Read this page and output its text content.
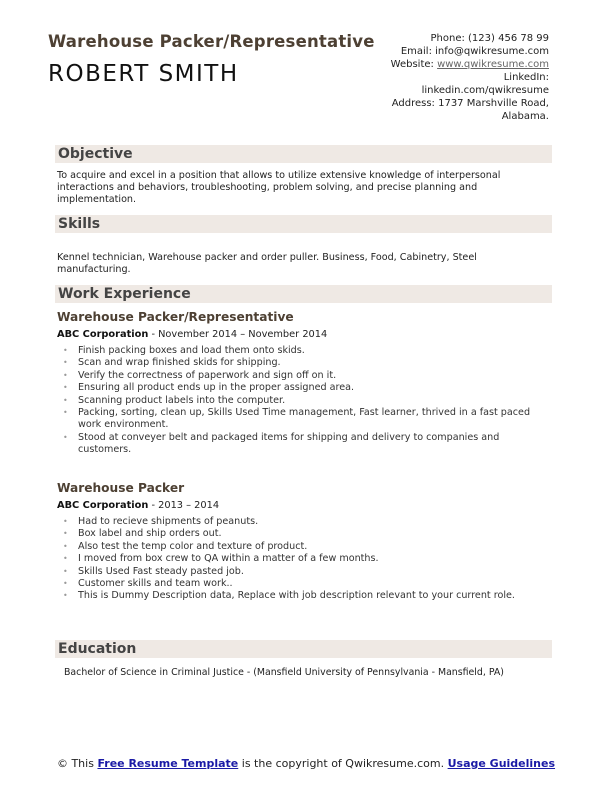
Warehouse Packer/Representative
ROBERT SMITH
Phone: (123) 456 78 99
Email: info@qwikresume.com
Website: www.qwikresume.com
LinkedIn:
linkedin.com/qwikresume
Address: 1737 Marshville Road, Alabama.
Objective
To acquire and excel in a position that allows to utilize extensive knowledge of interpersonal interactions and behaviors, troubleshooting, problem solving, and precise planning and implementation.
Skills
Kennel technician, Warehouse packer and order puller. Business, Food, Cabinetry, Steel manufacturing.
Work Experience
Warehouse Packer/Representative
ABC Corporation - November 2014 – November 2014
• Finish packing boxes and load them onto skids.
• Scan and wrap finished skids for shipping.
• Verify the correctness of paperwork and sign off on it.
• Ensuring all product ends up in the proper assigned area.
• Scanning product labels into the computer.
• Packing, sorting, clean up, Skills Used Time management, Fast learner, thrived in a fast paced work environment.
• Stood at conveyer belt and packaged items for shipping and delivery to companies and customers.
Warehouse Packer
ABC Corporation - 2013 – 2014
• Had to recieve shipments of peanuts.
• Box label and ship orders out.
• Also test the temp color and texture of product.
• I moved from box crew to QA within a matter of a few months.
• Skills Used Fast steady pasted job.
• Customer skills and team work..
• This is Dummy Description data, Replace with job description relevant to your current role.
Education
Bachelor of Science in Criminal Justice - (Mansfield University of Pennsylvania - Mansfield, PA)
© This Free Resume Template is the copyright of Qwikresume.com. Usage Guidelines
